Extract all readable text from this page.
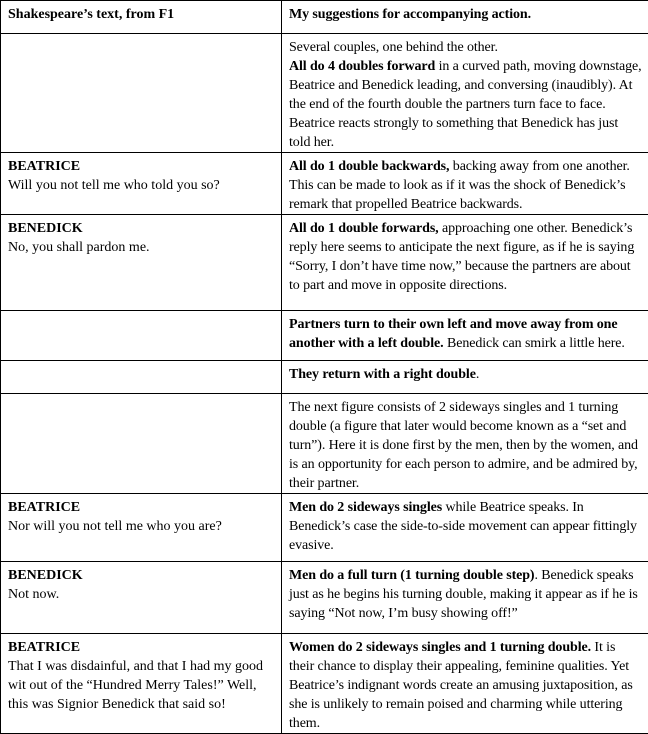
Shakespeare’s text, from F1	My suggestions for accompanying action.

	Several couples, one behind the other.
All do 4 doubles forward in a curved path, moving downstage, Beatrice and Benedick leading, and conversing (inaudibly). At the end of the fourth double the partners turn face to face. Beatrice reacts strongly to something that Benedick has just told her.
BEATRICE
Will you not tell me who told you so?	All do 1 double backwards, backing away from one another. This can be made to look as if it was the shock of Benedick’s remark that propelled Beatrice backwards.
BENEDICK
No, you shall pardon me.	All do 1 double forwards, approaching one other. Benedick’s reply here seems to anticipate the next figure, as if he is saying “Sorry, I don’t have time now,” because the partners are about to part and move in opposite directions.
	Partners turn to their own left and move away from one another with a left double. Benedick can smirk a little here.
	They return with a right double.
	The next figure consists of 2 sideways singles and 1 turning double (a figure that later would become known as a “set and turn”). Here it is done first by the men, then by the women, and is an opportunity for each person to admire, and be admired by, their partner.
BEATRICE
Nor will you not tell me who you are?	Men do 2 sideways singles while Beatrice speaks. In Benedick’s case the side-to-side movement can appear fittingly evasive.
BENEDICK
Not now.	Men do a full turn (1 turning double step). Benedick speaks just as he begins his turning double, making it appear as if he is saying “Not now, I’m busy showing off!”
BEATRICE
That I was disdainful, and that I had my good wit out of the “Hundred Merry Tales!” Well, this was Signior Benedick that said so!	Women do 2 sideways singles and 1 turning double. It is their chance to display their appealing, feminine qualities. Yet Beatrice’s indignant words create an amusing juxtaposition, as she is unlikely to remain poised and charming while uttering them.
